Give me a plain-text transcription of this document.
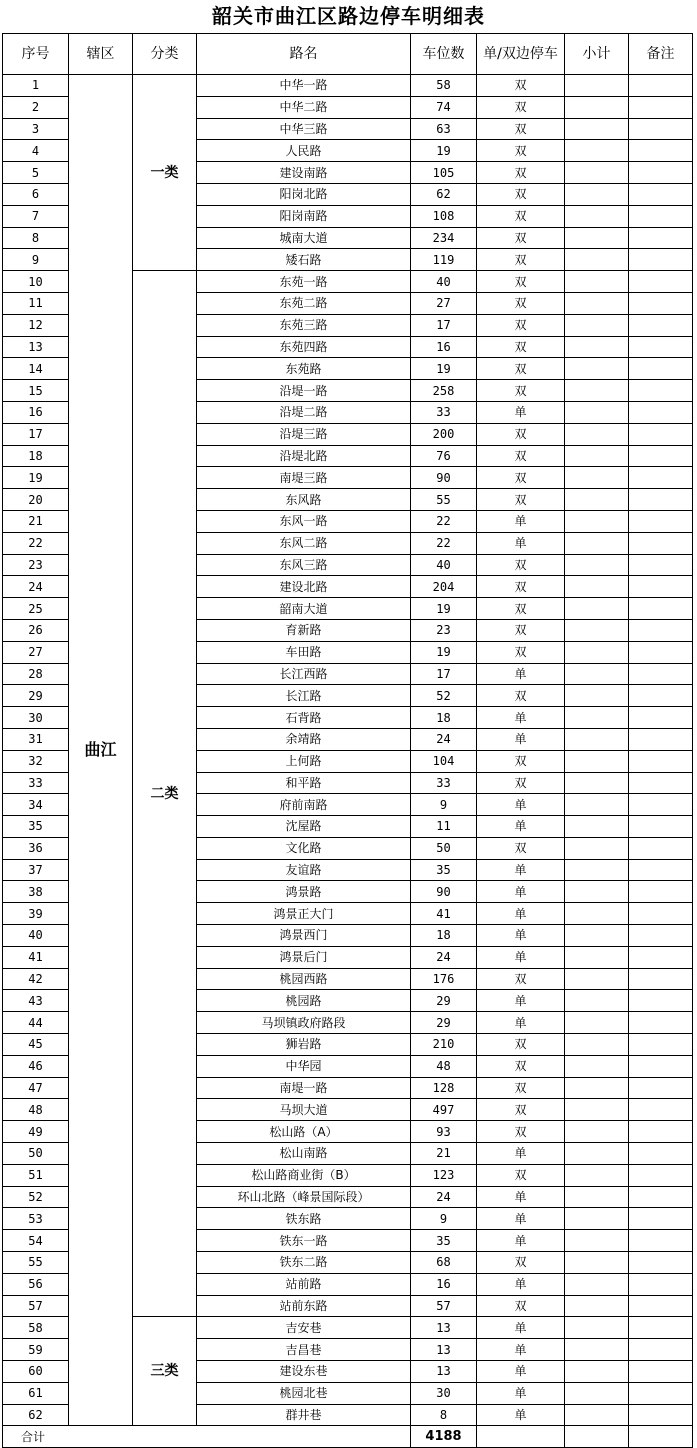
韶关市曲江区路边停车明细表
序号	辖区	分类	路名	车位数	单/双边停车	小计	备注
1	曲江	一类	中华一路	58	双		
2			中华二路	74	双		
3			中华三路	63	双		
4			人民路	19	双		
5			建设南路	105	双		
6			阳岗北路	62	双		
7			阳岗南路	108	双		
8			城南大道	234	双		
9			矮石路	119	双		
10		二类	东苑一路	40	双		
11			东苑二路	27	双		
12			东苑三路	17	双		
13			东苑四路	16	双		
14			东苑路	19	双		
15			沿堤一路	258	双		
16			沿堤二路	33	单		
17			沿堤三路	200	双		
18			沿堤北路	76	双		
19			南堤三路	90	双		
20			东风路	55	双		
21			东风一路	22	单		
22			东风二路	22	单		
23			东风三路	40	双		
24			建设北路	204	双		
25			韶南大道	19	双		
26			育新路	23	双		
27			车田路	19	双		
28			长江西路	17	单		
29			长江路	52	双		
30			石背路	18	单		
31			余靖路	24	单		
32			上何路	104	双		
33			和平路	33	双		
34			府前南路	9	单		
35			沈屋路	11	单		
36			文化路	50	双		
37			友谊路	35	单		
38			鸿景路	90	单		
39			鸿景正大门	41	单		
40			鸿景西门	18	单		
41			鸿景后门	24	单		
42			桃园西路	176	双		
43			桃园路	29	单		
44			马坝镇政府路段	29	单		
45			狮岩路	210	双		
46			中华园	48	双		
47			南堤一路	128	双		
48			马坝大道	497	双		
49			松山路（A）	93	双		
50			松山南路	21	单		
51			松山路商业街（B）	123	双		
52			环山北路（峰景国际段）	24	单		
53			铁东路	9	单		
54			铁东一路	35	单		
55			铁东二路	68	双		
56			站前路	16	单		
57			站前东路	57	双		
58		三类	吉安巷	13	单		
59			吉昌巷	13	单		
60			建设东巷	13	单		
61			桃园北巷	30	单		
62			群井巷	8	单		
合计				4188			
